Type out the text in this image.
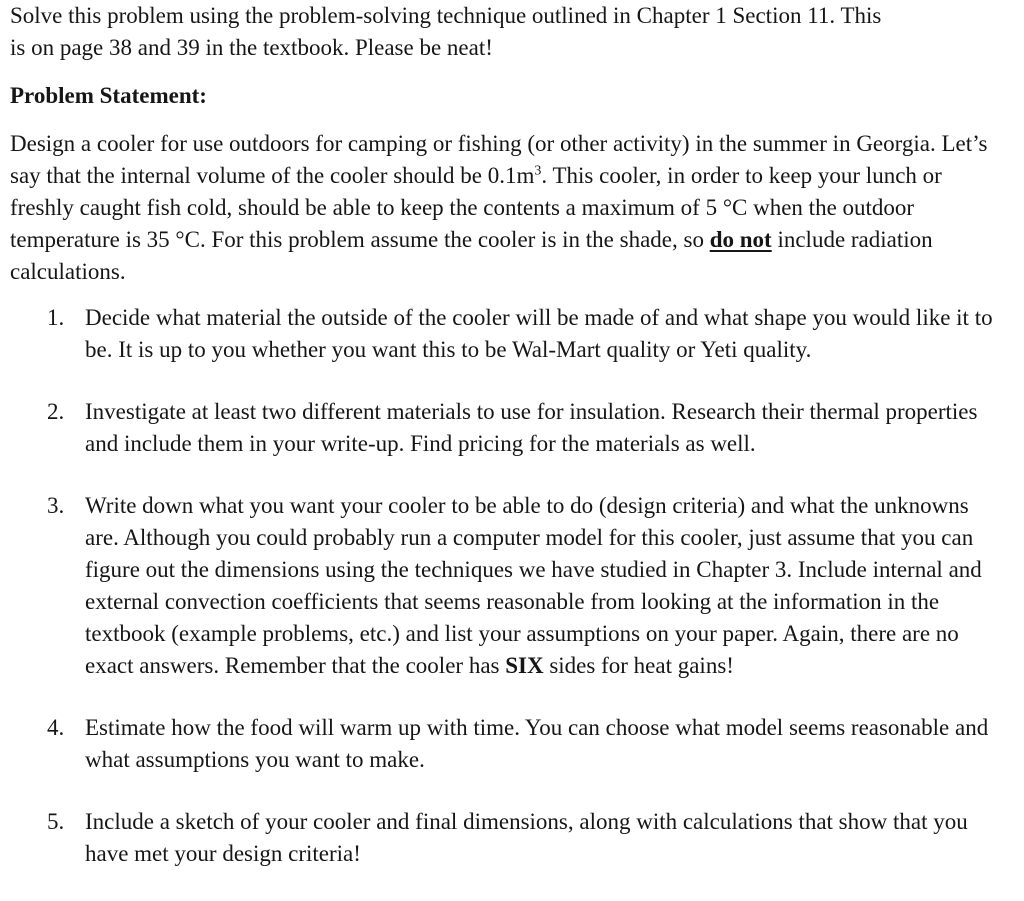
Solve this problem using the problem-solving technique outlined in Chapter 1 Section 11. This
is on page 38 and 39 in the textbook. Please be neat!

Problem Statement:

Design a cooler for use outdoors for camping or fishing (or other activity) in the summer in Georgia. Let’s say that the internal volume of the cooler should be $0.1m^3$. This cooler, in order to keep your lunch or freshly caught fish cold, should be able to keep the contents a maximum of 5 °C when the outdoor temperature is 35 °C. For this problem assume the cooler is in the shade, so do not include radiation calculations.

1. Decide what material the outside of the cooler will be made of and what shape you would like it to be. It is up to you whether you want this to be Wal-Mart quality or Yeti quality.
2. Investigate at least two different materials to use for insulation. Research their thermal properties and include them in your write-up. Find pricing for the materials as well.
3. Write down what you want your cooler to be able to do (design criteria) and what the unknowns are. Although you could probably run a computer model for this cooler, just assume that you can figure out the dimensions using the techniques we have studied in Chapter 3. Include internal and external convection coefficients that seems reasonable from looking at the information in the textbook (example problems, etc.) and list your assumptions on your paper. Again, there are no exact answers. Remember that the cooler has SIX sides for heat gains!
4. Estimate how the food will warm up with time. You can choose what model seems reasonable and what assumptions you want to make.
5. Include a sketch of your cooler and final dimensions, along with calculations that show that you have met your design criteria!
